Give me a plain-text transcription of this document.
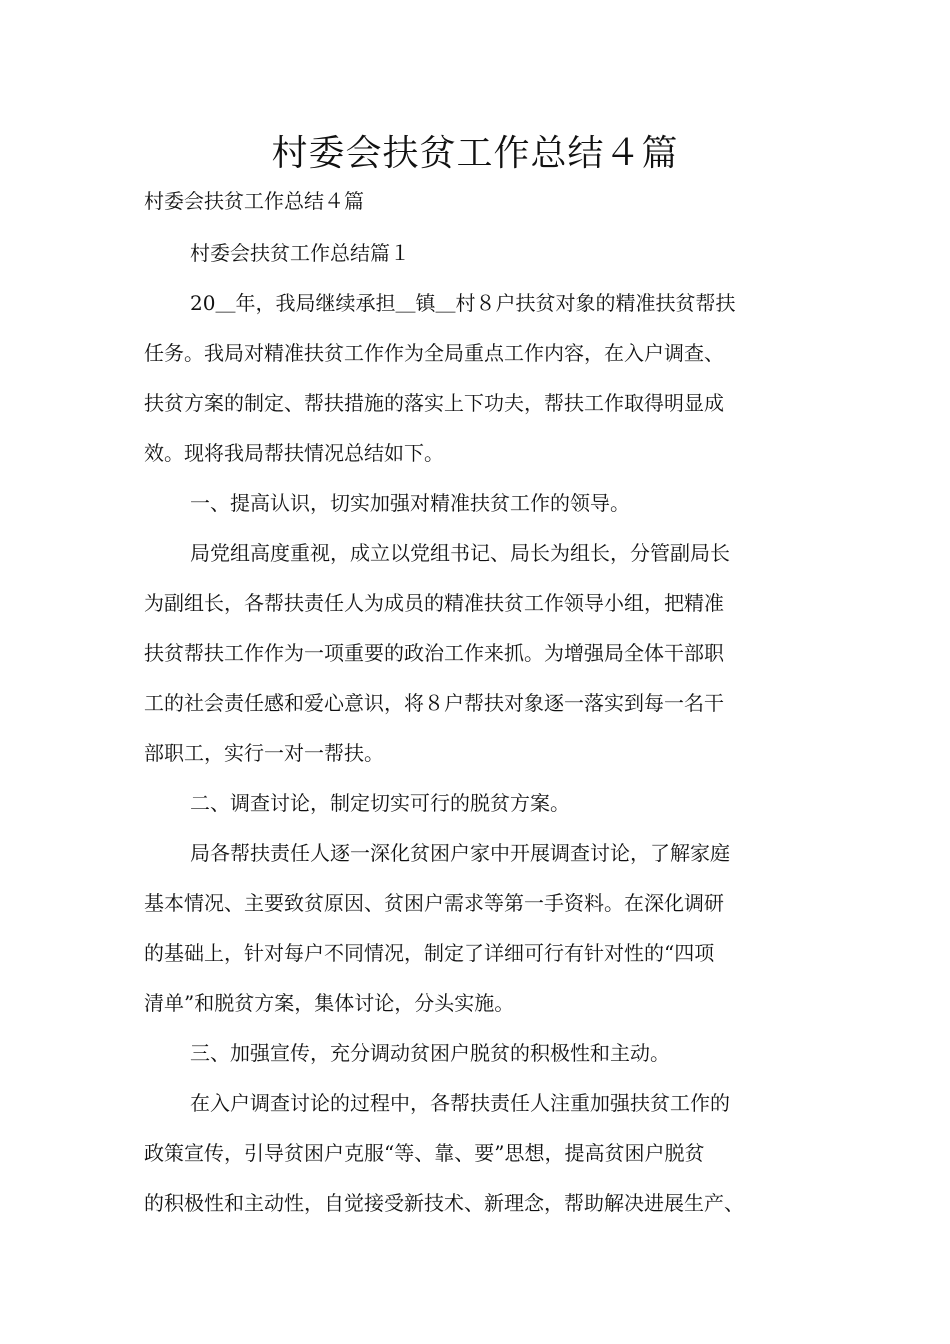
村委会扶贫工作总结４篇
村委会扶贫工作总结４篇
村委会扶贫工作总结篇１
20＿年，我局继续承担＿镇＿村８户扶贫对象的精准扶贫帮扶
任务。我局对精准扶贫工作作为全局重点工作内容，在入户调查、
扶贫方案的制定、帮扶措施的落实上下功夫，帮扶工作取得明显成
效。现将我局帮扶情况总结如下。
一、提高认识，切实加强对精准扶贫工作的领导。
局党组高度重视，成立以党组书记、局长为组长，分管副局长
为副组长，各帮扶责任人为成员的精准扶贫工作领导小组，把精准
扶贫帮扶工作作为一项重要的政治工作来抓。为增强局全体干部职
工的社会责任感和爱心意识，将８户帮扶对象逐一落实到每一名干
部职工，实行一对一帮扶。
二、调查讨论，制定切实可行的脱贫方案。
局各帮扶责任人逐一深化贫困户家中开展调查讨论，了解家庭
基本情况、主要致贫原因、贫困户需求等第一手资料。在深化调研
的基础上，针对每户不同情况，制定了详细可行有针对性的“四项
清单”和脱贫方案，集体讨论，分头实施。
三、加强宣传，充分调动贫困户脱贫的积极性和主动。
在入户调查讨论的过程中，各帮扶责任人注重加强扶贫工作的
政策宣传，引导贫困户克服“等、靠、要”思想，提高贫困户脱贫
的积极性和主动性，自觉接受新技术、新理念，帮助解决进展生产、
